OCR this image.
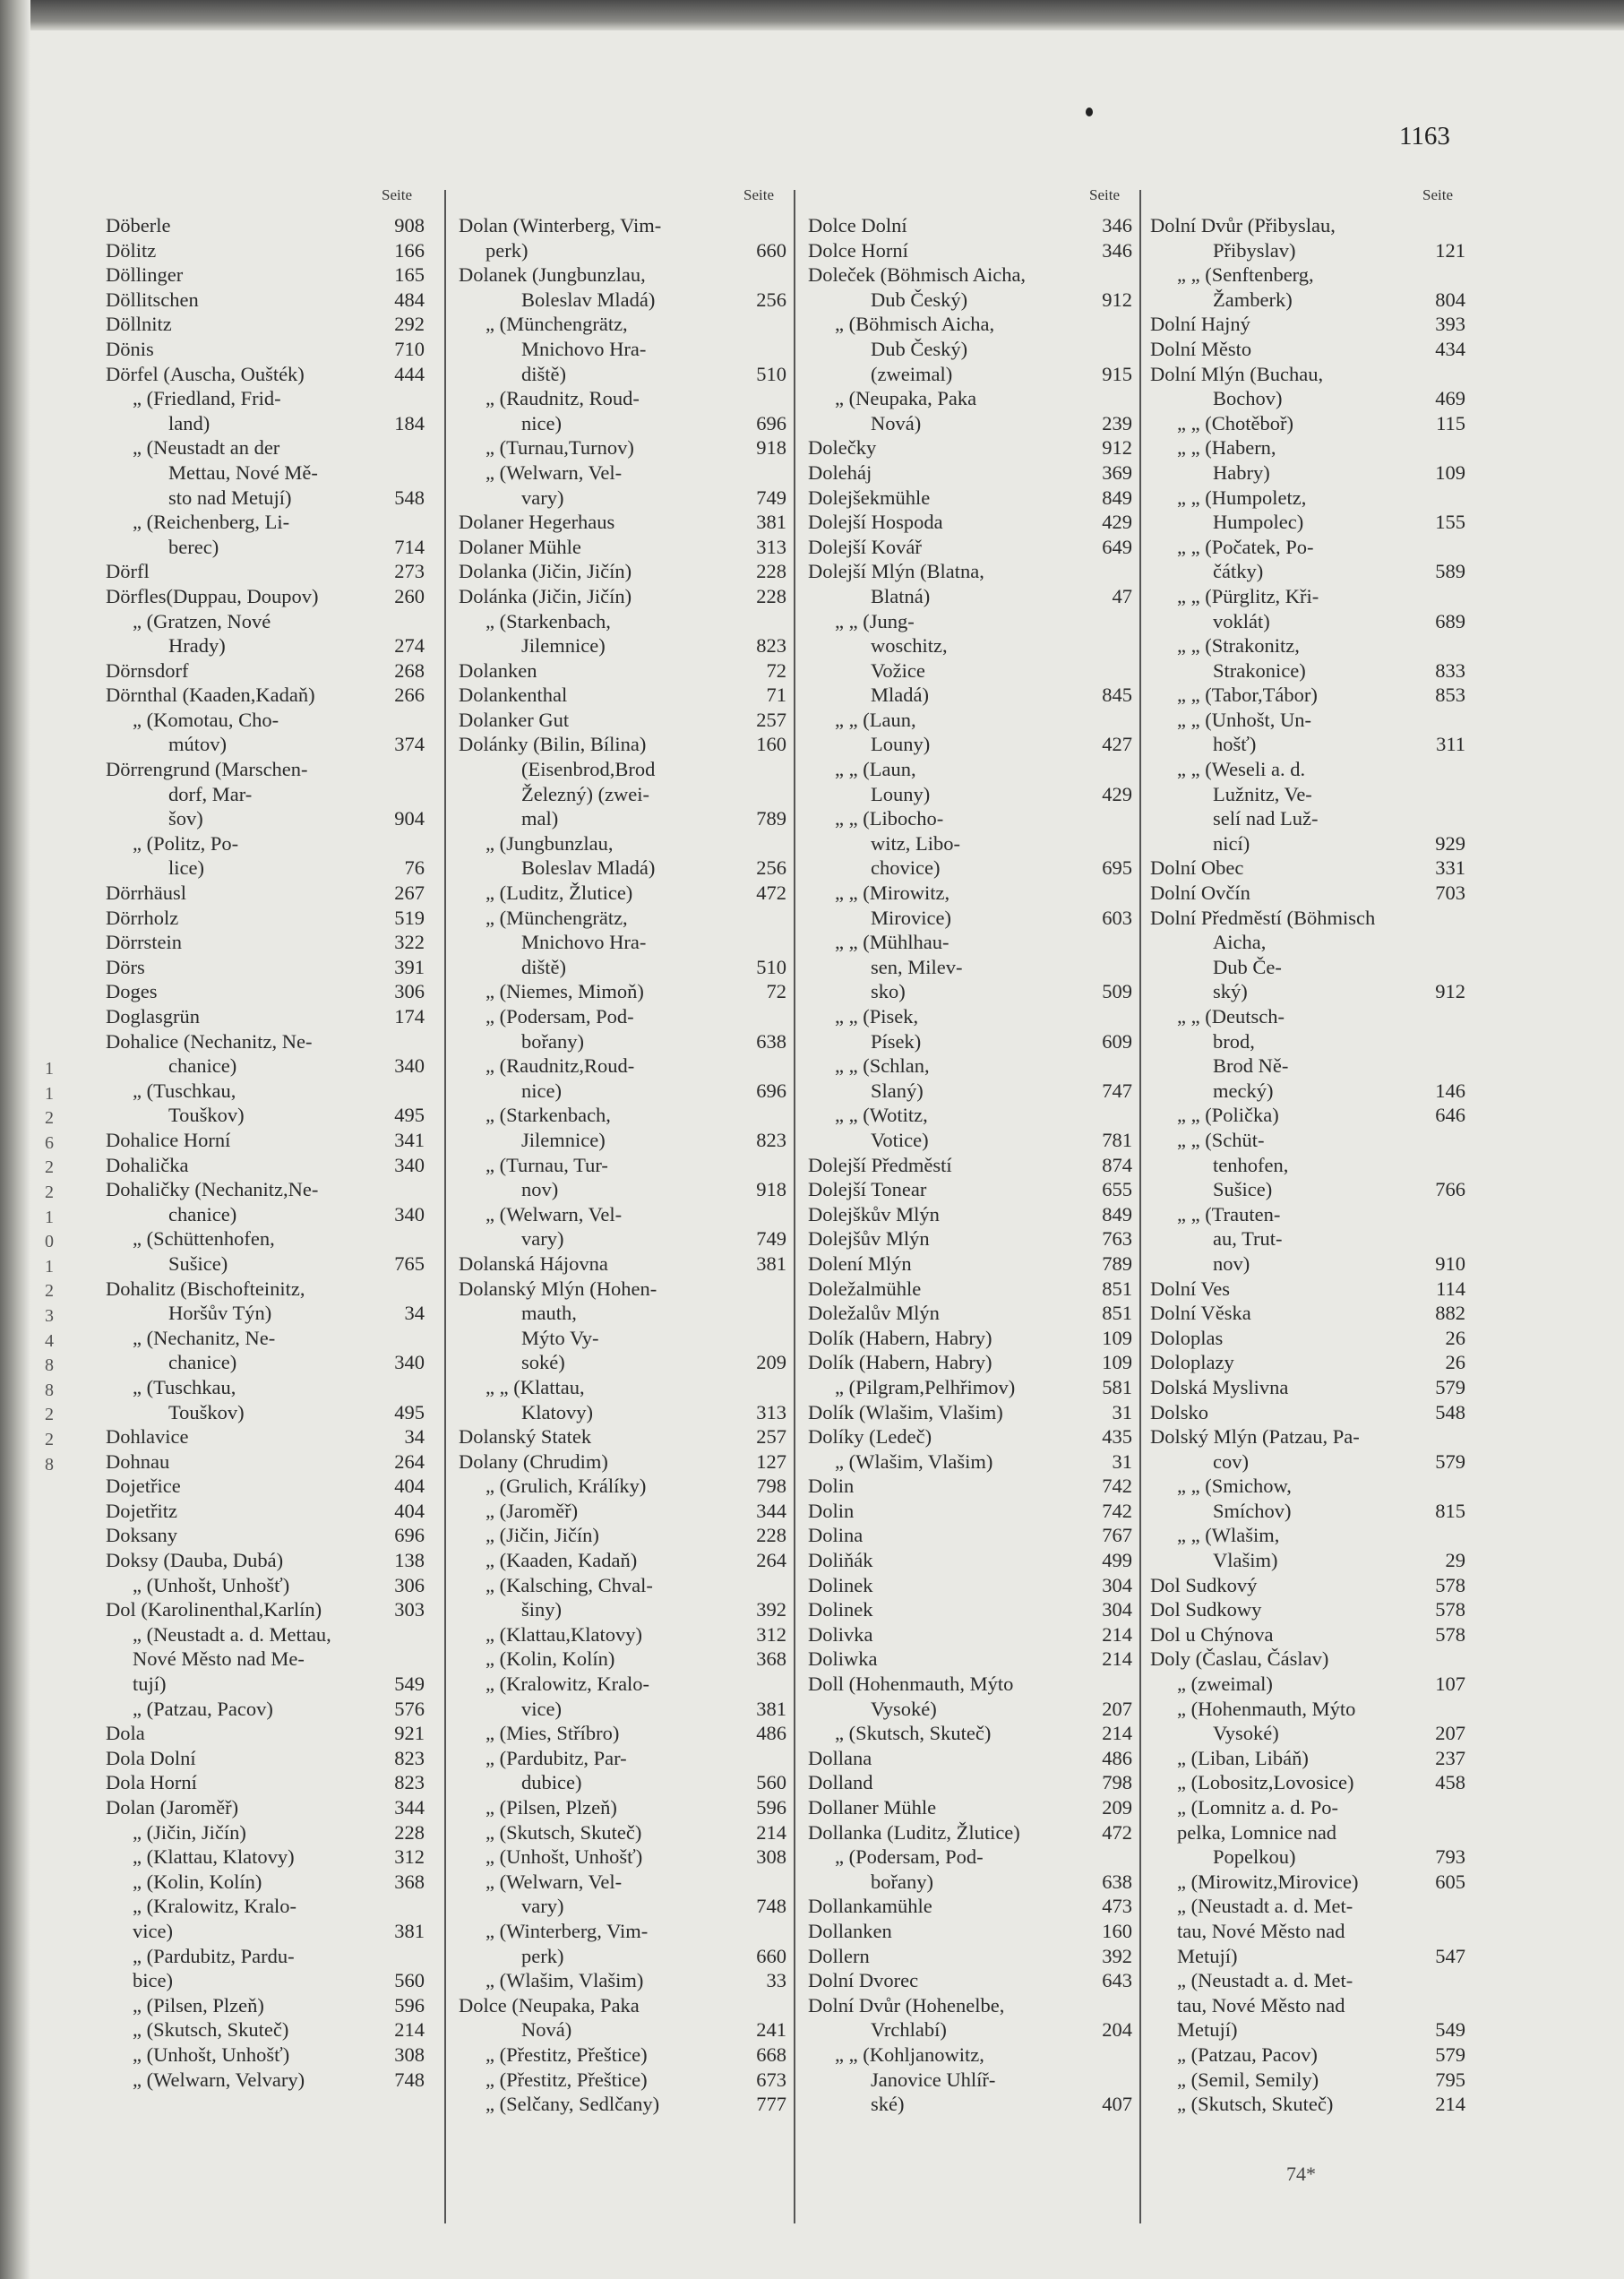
1163
1
1
2
6
2
2
1
0
1
2
3
4
8
8
2
2
8
Seite
Döberle	908
Dölitz	166
Döllinger	165
Döllitschen	484
Döllnitz	292
Dönis	710
Dörfel (Auscha, Oušték)	444
„ (Friedland, Frid-
land)	184
„ (Neustadt an der
Mettau, Nové Mě-
sto nad Metují)	548
„ (Reichenberg, Li-
berec)	714
Dörfl	273
Dörfles(Duppau, Doupov)	260
„ (Gratzen, Nové
Hrady)	274
Dörnsdorf	268
Dörnthal (Kaaden,Kadaň)	266
„ (Komotau, Cho-
mútov)	374
Dörrengrund (Marschen-
dorf, Mar-
šov)	904
„ (Politz, Po-
lice)	76
Dörrhäusl	267
Dörrholz	519
Dörrstein	322
Dörs	391
Doges	306
Doglasgrün	174
Dohalice (Nechanitz, Ne-
chanice)	340
„ (Tuschkau,
Touškov)	495
Dohalice Horní	341
Dohalička	340
Dohaličky (Nechanitz,Ne-
chanice)	340
„ (Schüttenhofen,
Sušice)	765
Dohalitz (Bischofteinitz,
Horšův Týn)	34
„ (Nechanitz, Ne-
chanice)	340
„ (Tuschkau,
Touškov)	495
Dohlavice	34
Dohnau	264
Dojetřice	404
Dojetřitz	404
Doksany	696
Doksy (Dauba, Dubá)	138
„ (Unhošt, Unhošť)	306
Dol (Karolinenthal,Karlín)	303
„ (Neustadt a. d. Mettau,
Nové Město nad Me-
tují)	549
„ (Patzau, Pacov)	576
Dola	921
Dola Dolní	823
Dola Horní	823
Dolan (Jaroměř)	344
„ (Jičin, Jičín)	228
„ (Klattau, Klatovy)	312
„ (Kolin, Kolín)	368
„ (Kralowitz, Kralo-
vice)	381
„ (Pardubitz, Pardu-
bice)	560
„ (Pilsen, Plzeň)	596
„ (Skutsch, Skuteč)	214
„ (Unhošt, Unhošť)	308
„ (Welwarn, Velvary)	748
Seite
Dolan (Winterberg, Vim-
perk)	660
Dolanek (Jungbunzlau,
Boleslav Mladá)	256
„ (Münchengrätz,
Mnichovo Hra-
diště)	510
„ (Raudnitz, Roud-
nice)	696
„ (Turnau,Turnov)	918
„ (Welwarn, Vel-
vary)	749
Dolaner Hegerhaus	381
Dolaner Mühle	313
Dolanka (Jičin, Jičín)	228
Dolánka (Jičin, Jičín)	228
„ (Starkenbach,
Jilemnice)	823
Dolanken	72
Dolankenthal	71
Dolanker Gut	257
Dolánky (Bilin, Bílina)	160
(Eisenbrod,Brod
Železný) (zwei-
mal)	789
„ (Jungbunzlau,
Boleslav Mladá)	256
„ (Luditz, Žlutice)	472
„ (Münchengrätz,
Mnichovo Hra-
diště)	510
„ (Niemes, Mimoň)	72
„ (Podersam, Pod-
bořany)	638
„ (Raudnitz,Roud-
nice)	696
„ (Starkenbach,
Jilemnice)	823
„ (Turnau, Tur-
nov)	918
„ (Welwarn, Vel-
vary)	749
Dolanská Hájovna	381
Dolanský Mlýn (Hohen-
mauth,
Mýto Vy-
soké)	209
„ „ (Klattau,
Klatovy)	313
Dolanský Statek	257
Dolany (Chrudim)	127
„ (Grulich, Králíky)	798
„ (Jaroměř)	344
„ (Jičin, Jičín)	228
„ (Kaaden, Kadaň)	264
„ (Kalsching, Chval-
šiny)	392
„ (Klattau,Klatovy)	312
„ (Kolin, Kolín)	368
„ (Kralowitz, Kralo-
vice)	381
„ (Mies, Stříbro)	486
„ (Pardubitz, Par-
dubice)	560
„ (Pilsen, Plzeň)	596
„ (Skutsch, Skuteč)	214
„ (Unhošt, Unhošť)	308
„ (Welwarn, Vel-
vary)	748
„ (Winterberg, Vim-
perk)	660
„ (Wlašim, Vlašim)	33
Dolce (Neupaka, Paka
Nová)	241
„ (Přestitz, Přeštice)	668
„ (Přestitz, Přeštice)	673
„ (Selčany, Sedlčany)	777
Seite
Dolce Dolní	346
Dolce Horní	346
Doleček (Böhmisch Aicha,
Dub Český)	912
„ (Böhmisch Aicha,
Dub Český)
(zweimal)	915
„ (Neupaka, Paka
Nová)	239
Dolečky	912
Doleháj	369
Dolejšekmühle	849
Dolejší Hospoda	429
Dolejší Kovář	649
Dolejší Mlýn (Blatna,
Blatná)	47
„ „ (Jung-
woschitz,
Vožice
Mladá)	845
„ „ (Laun,
Louny)	427
„ „ (Laun,
Louny)	429
„ „ (Libocho-
witz, Libo-
chovice)	695
„ „ (Mirowitz,
Mirovice)	603
„ „ (Mühlhau-
sen, Milev-
sko)	509
„ „ (Pisek,
Písek)	609
„ „ (Schlan,
Slaný)	747
„ „ (Wotitz,
Votice)	781
Dolejší Předměstí	874
Dolejší Tonear	655
Dolejškův Mlýn	849
Dolejšův Mlýn	763
Dolení Mlýn	789
Doležalmühle	851
Doležalův Mlýn	851
Dolík (Habern, Habry)	109
Dolík (Habern, Habry)	109
„ (Pilgram,Pelhřimov)	581
Dolík (Wlašim, Vlašim)	31
Dolíky (Ledeč)	435
„ (Wlašim, Vlašim)	31
Dolin	742
Dolin	742
Dolina	767
Doliňák	499
Dolinek	304
Dolinek	304
Dolivka	214
Doliwka	214
Doll (Hohenmauth, Mýto
Vysoké)	207
„ (Skutsch, Skuteč)	214
Dollana	486
Dolland	798
Dollaner Mühle	209
Dollanka (Luditz, Žlutice)	472
„ (Podersam, Pod-
bořany)	638
Dollankamühle	473
Dollanken	160
Dollern	392
Dolní Dvorec	643
Dolní Dvůr (Hohenelbe,
Vrchlabí)	204
„ „ (Kohljanowitz,
Janovice Uhlíř-
ské)	407
Seite
Dolní Dvůr (Přibyslau,
Přibyslav)	121
„ „ (Senftenberg,
Žamberk)	804
Dolní Hajný	393
Dolní Město	434
Dolní Mlýn (Buchau,
Bochov)	469
„ „ (Chotěboř)	115
„ „ (Habern,
Habry)	109
„ „ (Humpoletz,
Humpolec)	155
„ „ (Počatek, Po-
čátky)	589
„ „ (Pürglitz, Kři-
voklát)	689
„ „ (Strakonitz,
Strakonice)	833
„ „ (Tabor,Tábor)	853
„ „ (Unhošt, Un-
hošť)	311
„ „ (Weseli a. d.
Lužnitz, Ve-
selí nad Luž-
nicí)	929
Dolní Obec	331
Dolní Ovčín	703
Dolní Předměstí (Böhmisch
Aicha,
Dub Če-
ský)	912
„ „ (Deutsch-
brod,
Brod Ně-
mecký)	146
„ „ (Polička)	646
„ „ (Schüt-
tenhofen,
Sušice)	766
„ „ (Trauten-
au, Trut-
nov)	910
Dolní Ves	114
Dolní Věska	882
Doloplas	26
Doloplazy	26
Dolská Myslivna	579
Dolsko	548
Dolský Mlýn (Patzau, Pa-
cov)	579
„ „ (Smichow,
Smíchov)	815
„ „ (Wlašim,
Vlašim)	29
Dol Sudkový	578
Dol Sudkowy	578
Dol u Chýnova	578
Doly (Časlau, Čáslav)
„ (zweimal)	107
„ (Hohenmauth, Mýto
Vysoké)	207
„ (Liban, Libáň)	237
„ (Lobositz,Lovosice)	458
„ (Lomnitz a. d. Po-
pelka, Lomnice nad
Popelkou)	793
„ (Mirowitz,Mirovice)	605
„ (Neustadt a. d. Met-
tau, Nové Město nad
Metují)	547
„ (Neustadt a. d. Met-
tau, Nové Město nad
Metují)	549
„ (Patzau, Pacov)	579
„ (Semil, Semily)	795
„ (Skutsch, Skuteč)	214
74*
